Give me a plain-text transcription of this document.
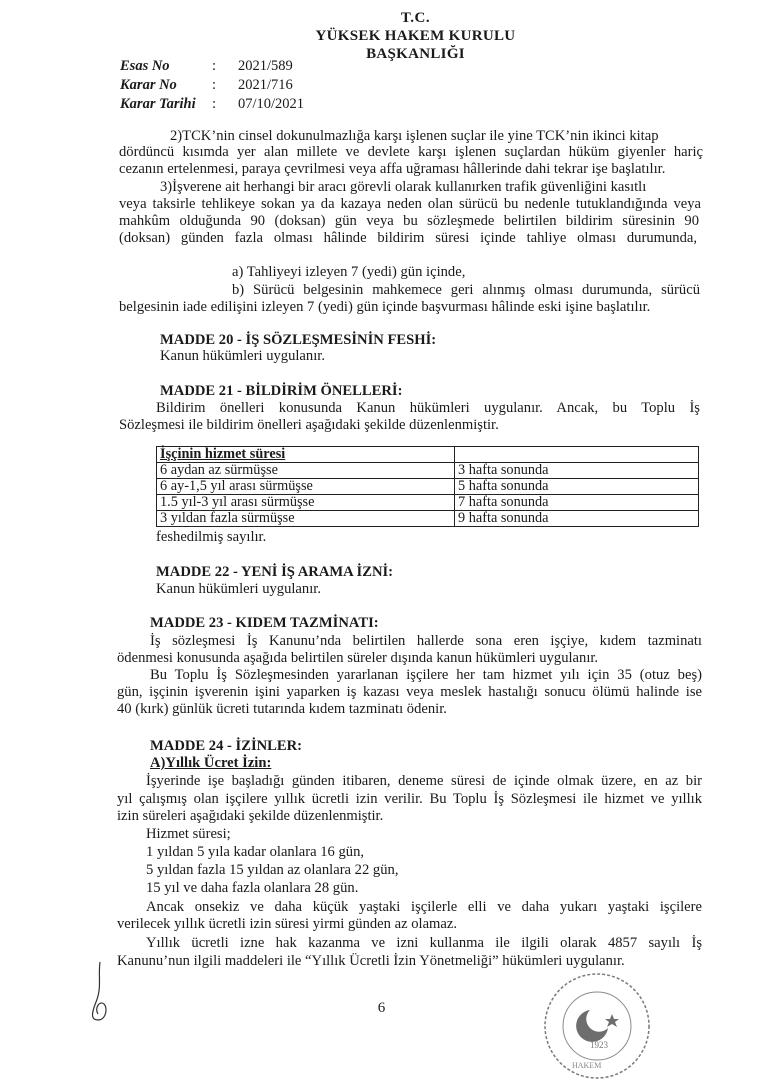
T.C.
YÜKSEK HAKEM KURULU
BAŞKANLIĞI
Esas No	:	2021/589
Karar No	:	2021/716
Karar Tarihi	:	07/10/2021
2)TCK’nin cinsel dokunulmazlığa karşı işlenen suçlar ile yine TCK’nin ikinci kitap
dördüncü kısımda yer alan millete ve devlete karşı işlenen suçlardan hüküm giyenler hariç
cezanın ertelenmesi, paraya çevrilmesi veya affa uğraması hâllerinde dahi tekrar işe başlatılır.
3)İşverene ait herhangi bir aracı görevli olarak kullanırken trafik güvenliğini kasıtlı
veya taksirle tehlikeye sokan ya da kazaya neden olan sürücü bu nedenle tutuklandığında veya
mahkûm olduğunda 90 (doksan) gün veya bu sözleşmede belirtilen bildirim süresinin 90
(doksan) günden fazla olması hâlinde bildirim süresi içinde tahliye olması durumunda,
a) Tahliyeyi izleyen 7 (yedi) gün içinde,
b) Sürücü belgesinin mahkemece geri alınmış olması durumunda, sürücü
belgesinin iade edilişini izleyen 7 (yedi) gün içinde başvurması hâlinde eski işine başlatılır.
MADDE 20 - İŞ SÖZLEŞMESİNİN FESHİ:
Kanun hükümleri uygulanır.
MADDE 21 - BİLDİRİM ÖNELLERİ:
Bildirim önelleri konusunda Kanun hükümleri uygulanır. Ancak, bu Toplu İş
Sözleşmesi ile bildirim önelleri aşağıdaki şekilde düzenlenmiştir.
İşçinin hizmet süresi	
6 aydan az sürmüşse	3 hafta sonunda
6 ay-1,5 yıl arası sürmüşse	5 hafta sonunda
1.5 yıl-3 yıl arası sürmüşse	7 hafta sonunda
3 yıldan fazla sürmüşse	9 hafta sonunda
feshedilmiş sayılır.
MADDE 22 - YENİ İŞ ARAMA İZNİ:
Kanun hükümleri uygulanır.
MADDE 23 - KIDEM TAZMİNATI:
İş sözleşmesi İş Kanunu’nda belirtilen hallerde sona eren işçiye, kıdem tazminatı
ödenmesi konusunda aşağıda belirtilen süreler dışında kanun hükümleri uygulanır.
Bu Toplu İş Sözleşmesinden yararlanan işçilere her tam hizmet yılı için 35 (otuz beş)
gün, işçinin işverenin işini yaparken iş kazası veya meslek hastalığı sonucu ölümü halinde ise
40 (kırk) günlük ücreti tutarında kıdem tazminatı ödenir.
MADDE 24 - İZİNLER:
A)Yıllık Ücret İzin:
İşyerinde işe başladığı günden itibaren, deneme süresi de içinde olmak üzere, en az bir
yıl çalışmış olan işçilere yıllık ücretli izin verilir. Bu Toplu İş Sözleşmesi ile hizmet ve yıllık
izin süreleri aşağıdaki şekilde düzenlenmiştir.
Hizmet süresi;
1 yıldan 5 yıla kadar olanlara 16 gün,
5 yıldan fazla 15 yıldan az olanlara 22 gün,
15 yıl ve daha fazla olanlara 28 gün.
Ancak onsekiz ve daha küçük yaştaki işçilerle elli ve daha yukarı yaştaki işçilere
verilecek yıllık ücretli izin süresi yirmi günden az olamaz.
Yıllık ücretli izne hak kazanma ve izni kullanma ile ilgili olarak 4857 sayılı İş
Kanunu’nun ilgili maddeleri ile “Yıllık Ücretli İzin Yönetmeliği” hükümleri uygulanır.
6
1923
HAKEM
